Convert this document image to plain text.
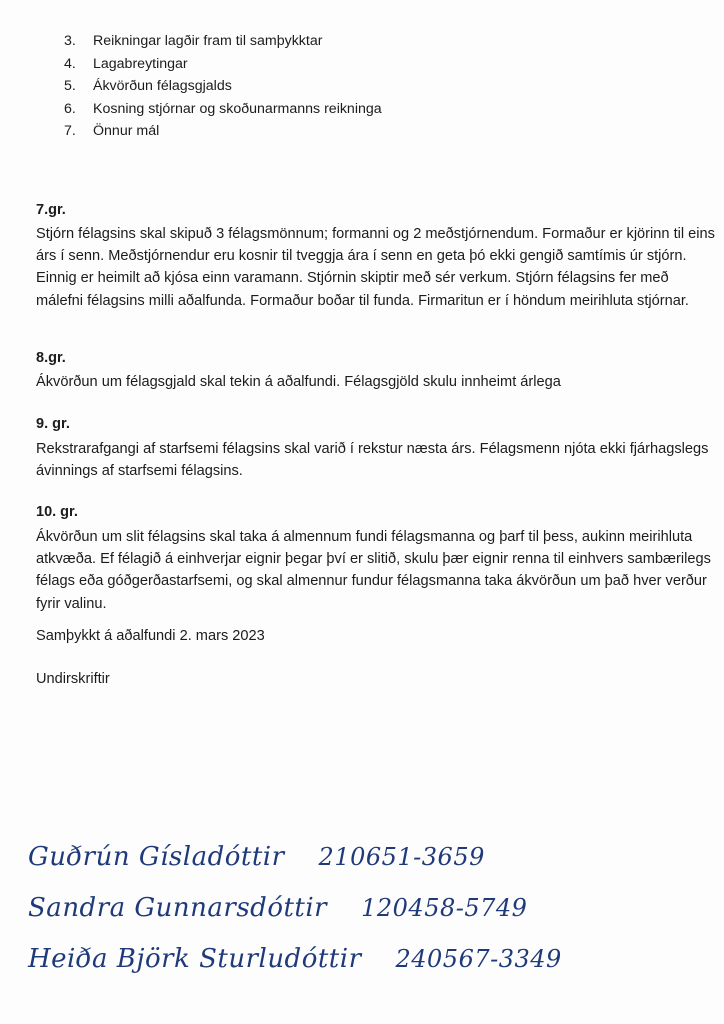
3.	Reikningar lagðir fram til samþykktar
4.	Lagabreytingar
5.	Ákvörðun félagsgjalds
6.	Kosning stjórnar og skoðunarmanns reikninga
7.	Önnur mál
7.gr.

Stjórn félagsins skal skipuð 3 félagsmönnum; formanni og 2 meðstjórnendum. Formaður er kjörinn til eins árs í senn. Meðstjórnendur eru kosnir til tveggja ára í senn en geta þó ekki gengið samtímis úr stjórn. Einnig er heimilt að kjósa einn varamann. Stjórnin skiptir með sér verkum. Stjórn félagsins fer með málefni félagsins milli aðalfunda. Formaður boðar til funda. Firmaritun er í höndum meirihluta stjórnar.

8.gr.

Ákvörðun um félagsgjald skal tekin á aðalfundi. Félagsgjöld skulu innheimt árlega

9. gr.

Rekstrarafgangi af starfsemi félagsins skal varið í rekstur næsta árs. Félagsmenn njóta ekki fjárhagslegs ávinnings af starfsemi félagsins.

10. gr.

Ákvörðun um slit félagsins skal taka á almennum fundi félagsmanna og þarf til þess, aukinn meirihluta atkvæða. Ef félagið á einhverjar eignir þegar því er slitið, skulu þær eignir renna til einhvers sambærilegs félags eða góðgerðastarfsemi, og skal almennur fundur félagsmanna taka ákvörðun um það hver verður fyrir valinu.

Samþykkt á aðalfundi 2. mars 2023
Undirskriftir
Guðrún Gísladóttir 210651-3659
Sandra Gunnarsdóttir 120458-5749
Heiða Björk Sturludóttir 240567-3349
